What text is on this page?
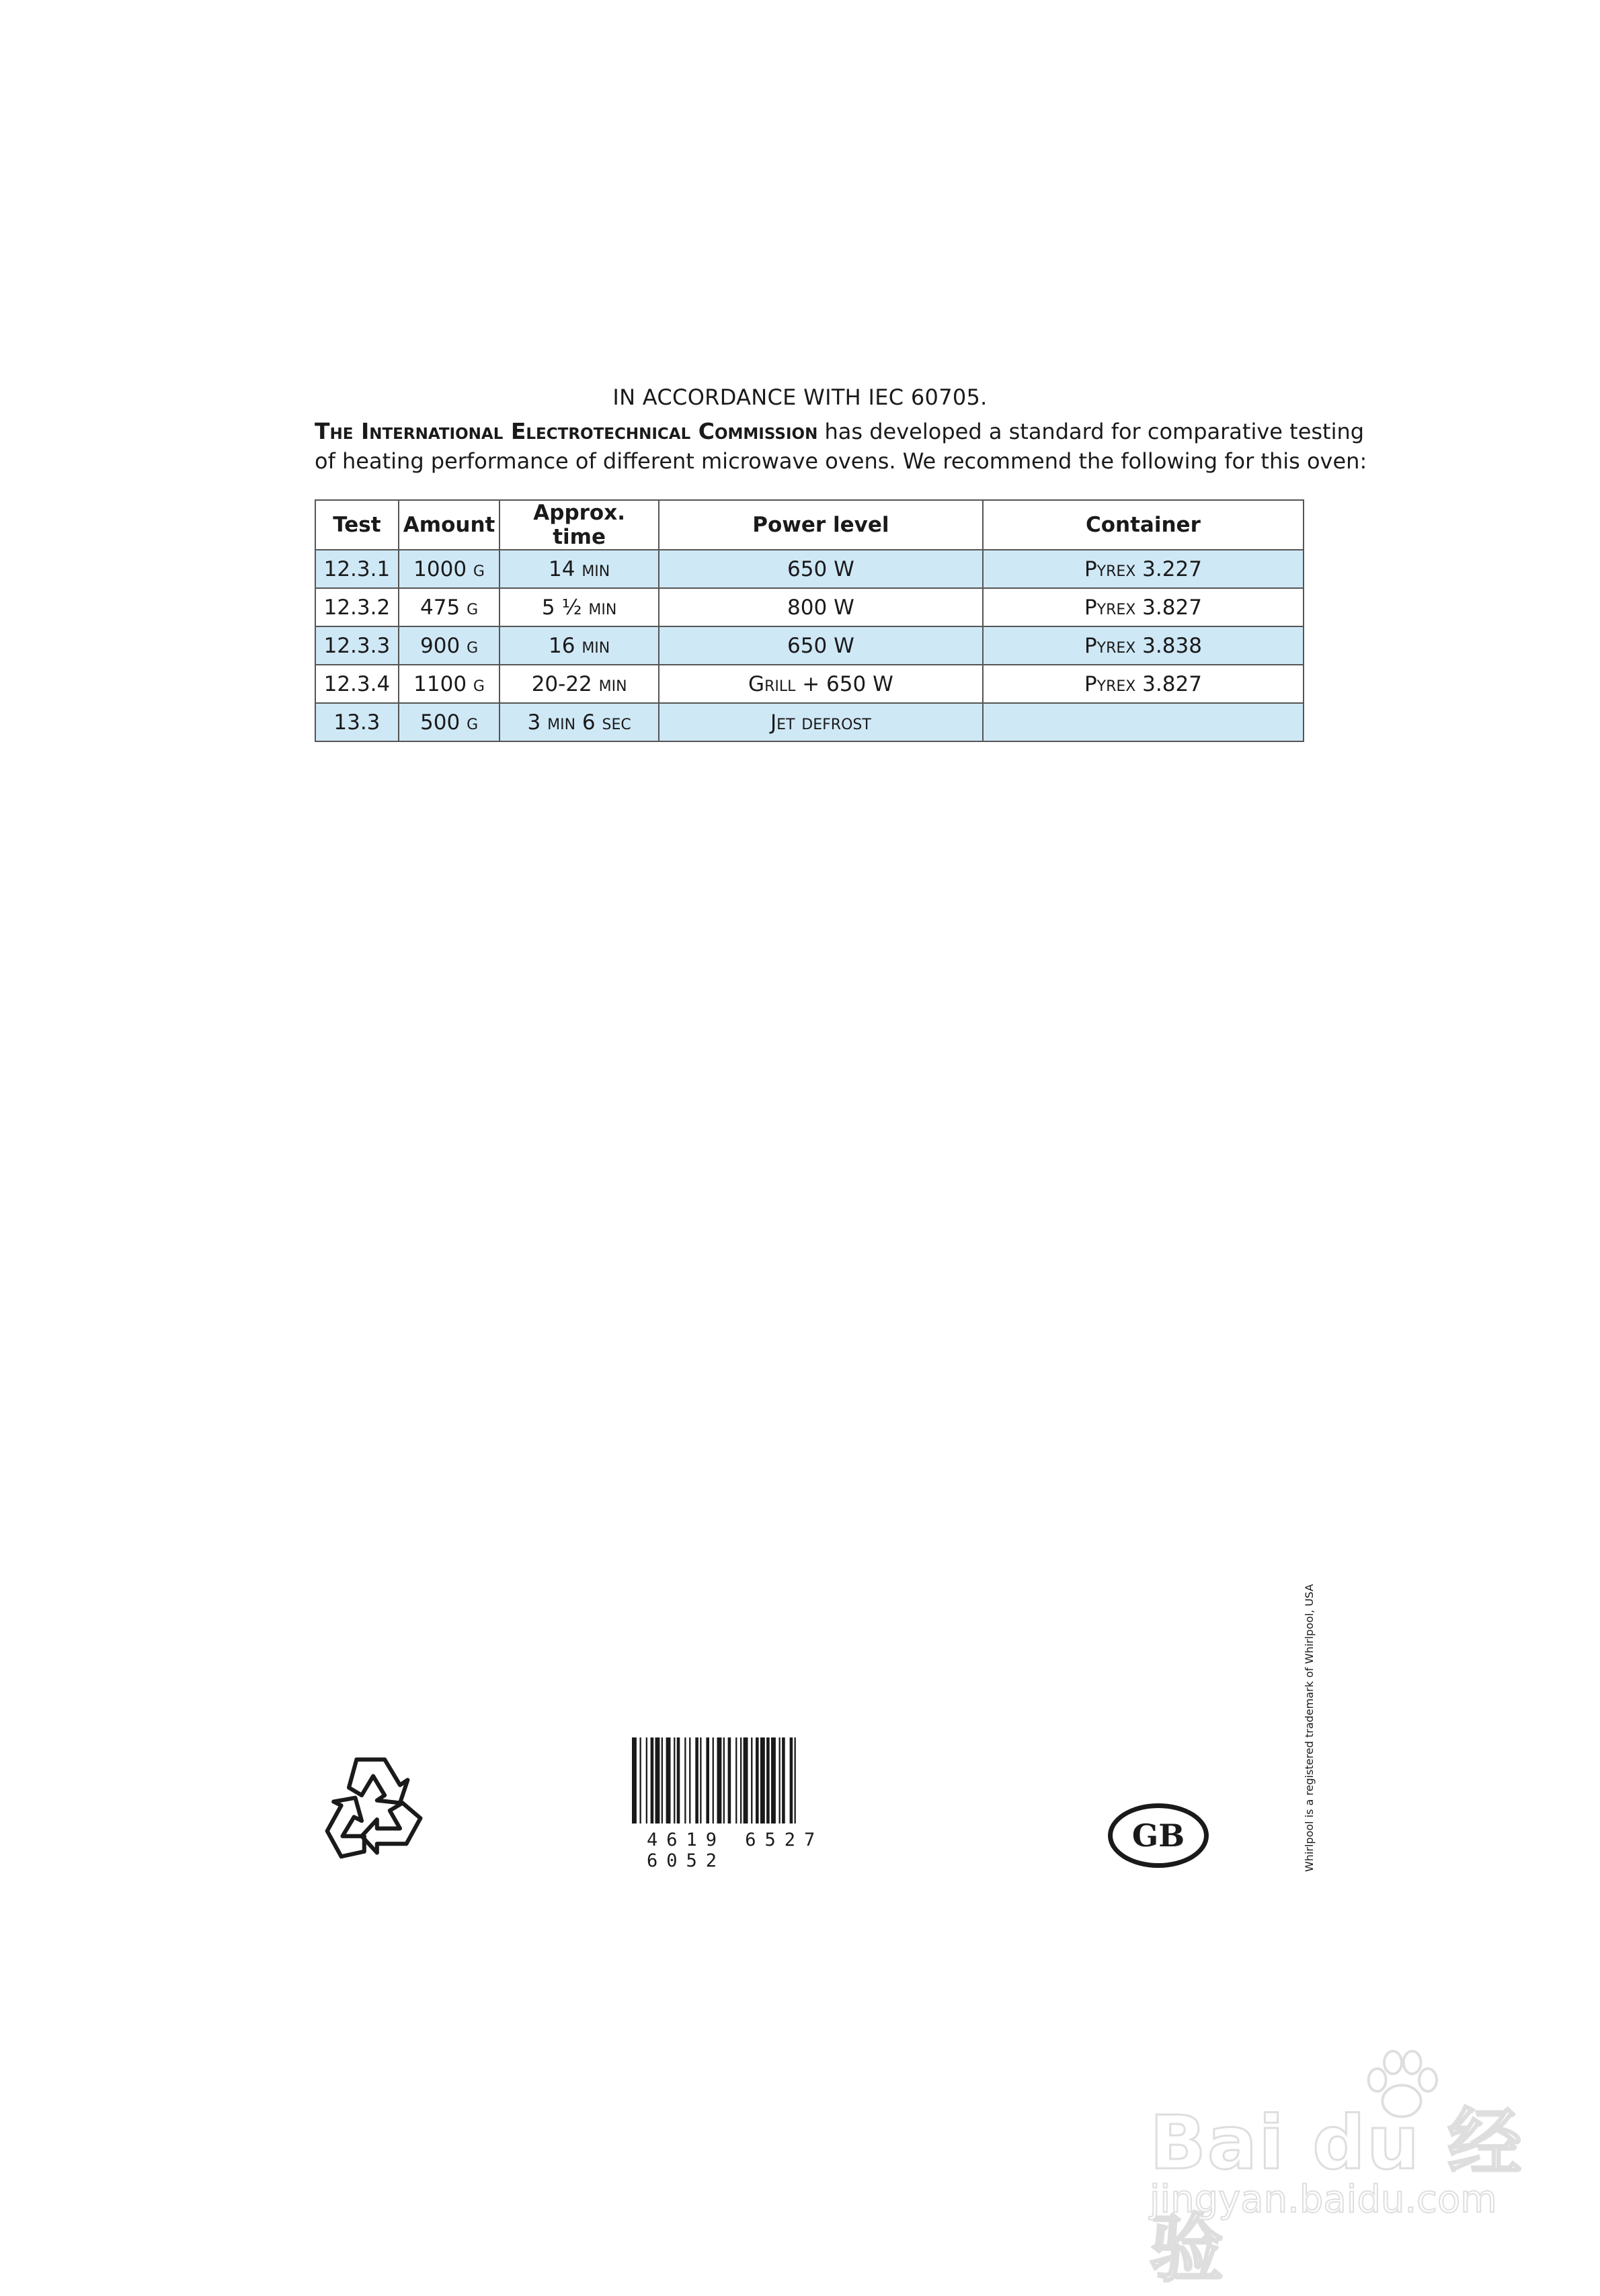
IN ACCORDANCE WITH IEC 60705.
The International Electrotechnical Commission has developed a standard for comparative testing
of heating performance of different microwave ovens. We recommend the following for this oven:
Test	Amount	Approx. time	Power level	Container
12.3.1	1000 g	14 min	650 W	Pyrex 3.227
12.3.2	475 g	5 ½ min	800 W	Pyrex 3.827
12.3.3	900 g	16 min	650 W	Pyrex 3.838
12.3.4	1100 g	20-22 min	Grill + 650 W	Pyrex 3.827
13.3	500 g	3 min 6 sec	Jet defrost	
4619 6527 6052
GB	Whirlpool is a registered trademark of Whirlpool, USA
Bai du 经验
jingyan.baidu.com
